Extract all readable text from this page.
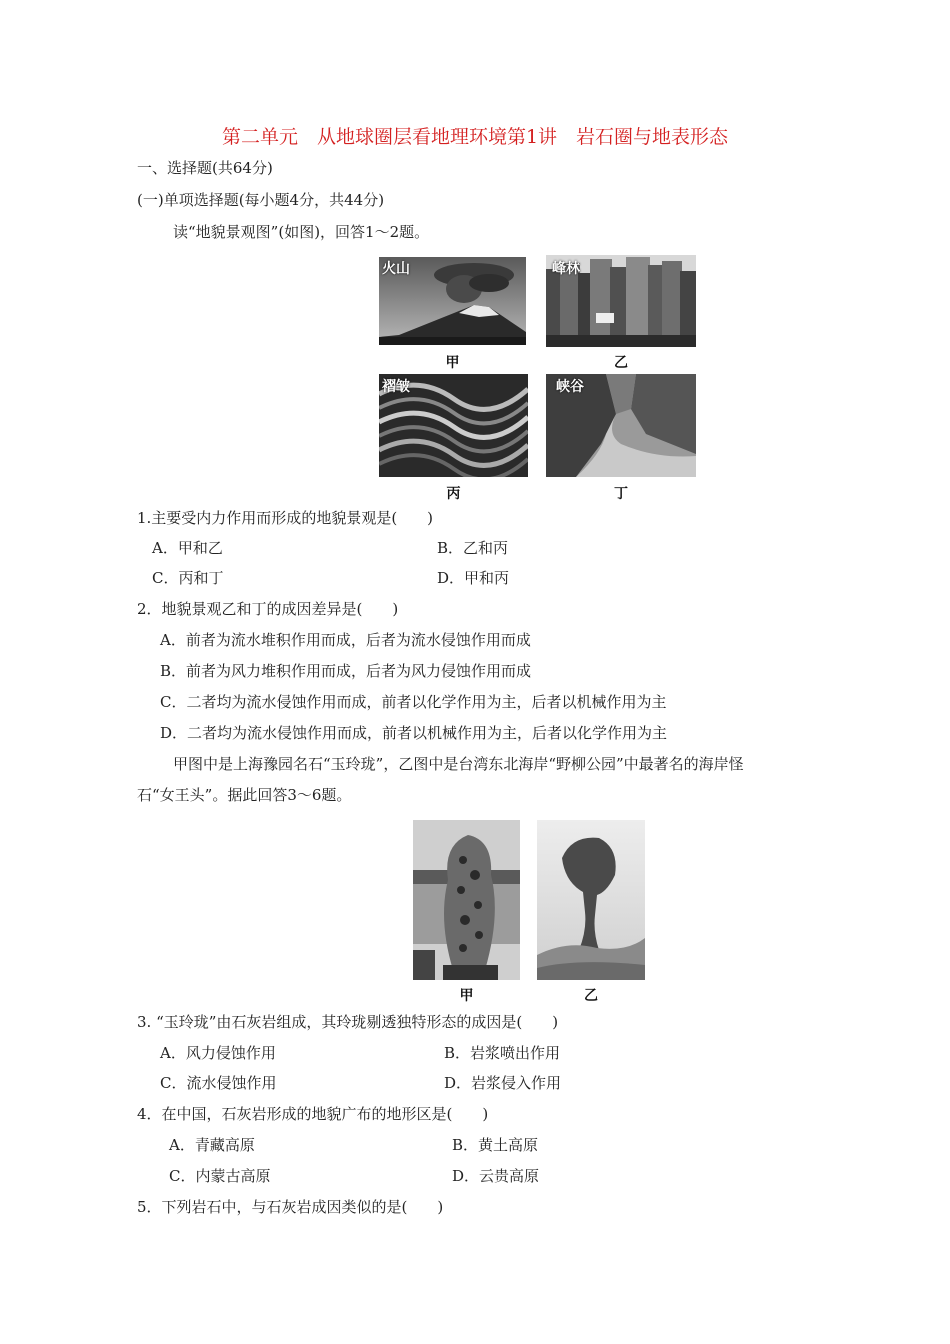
第二单元　从地球圈层看地理环境第1讲　岩石圈与地表形态
一、选择题(共64分)
(一)单项选择题(每小题4分，共44分)
读“地貌景观图”(如图)，回答1～2题。
火山
甲
峰林
乙
褶皱
丙
峡谷
丁
1.主要受内力作用而形成的地貌景观是(　　)
A．甲和乙	B．乙和丙
C．丙和丁	D．甲和丙
2．地貌景观乙和丁的成因差异是(　　)
A．前者为流水堆积作用而成，后者为流水侵蚀作用而成
B．前者为风力堆积作用而成，后者为风力侵蚀作用而成
C．二者均为流水侵蚀作用而成，前者以化学作用为主，后者以机械作用为主
D．二者均为流水侵蚀作用而成，前者以机械作用为主，后者以化学作用为主
甲图中是上海豫园名石“玉玲珑”，乙图中是台湾东北海岸“野柳公园”中最著名的海岸怪
石“女王头”。据此回答3～6题。
甲	乙
3. “玉玲珑”由石灰岩组成，其玲珑剔透独特形态的成因是(　　)
A．风力侵蚀作用	B．岩浆喷出作用
C．流水侵蚀作用	D．岩浆侵入作用
4．在中国，石灰岩形成的地貌广布的地形区是(　　)
A．青藏高原	B．黄土高原
C．内蒙古高原	D．云贵高原
5．下列岩石中，与石灰岩成因类似的是(　　)
